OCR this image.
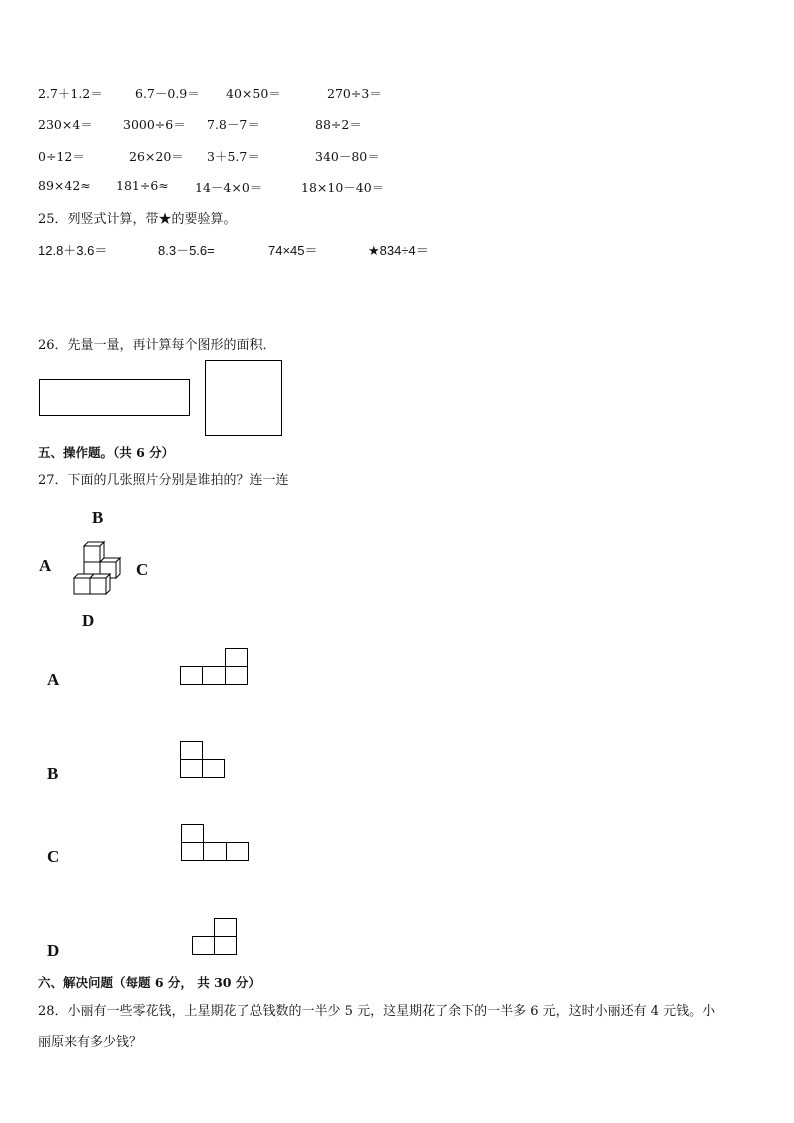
2.7＋1.2＝	6.7－0.9＝ 40×50＝	270÷3＝
230×4＝ 3000÷6＝ 7.8－7＝	88÷2＝
0÷12＝	26×20＝ 3＋5.7＝	340－80＝
89×42≈ 181÷6≈ 14－4×0＝	18×10－40＝
25．列竖式计算，带★的要验算。
12.8＋3.6＝	8.3－5.6=	74×45＝	★834÷4＝
26．先量一量，再计算每个图形的面积．
五、操作题。（共 6 分）
27．下面的几张照片分别是谁拍的？连一连
B
A	C
D
A
B
C
D
六、解决问题（每题 6 分， 共 30 分）
28．小丽有一些零花钱，上星期花了总钱数的一半少 5 元，这星期花了余下的一半多 6 元，这时小丽还有 4 元钱。小
丽原来有多少钱？
